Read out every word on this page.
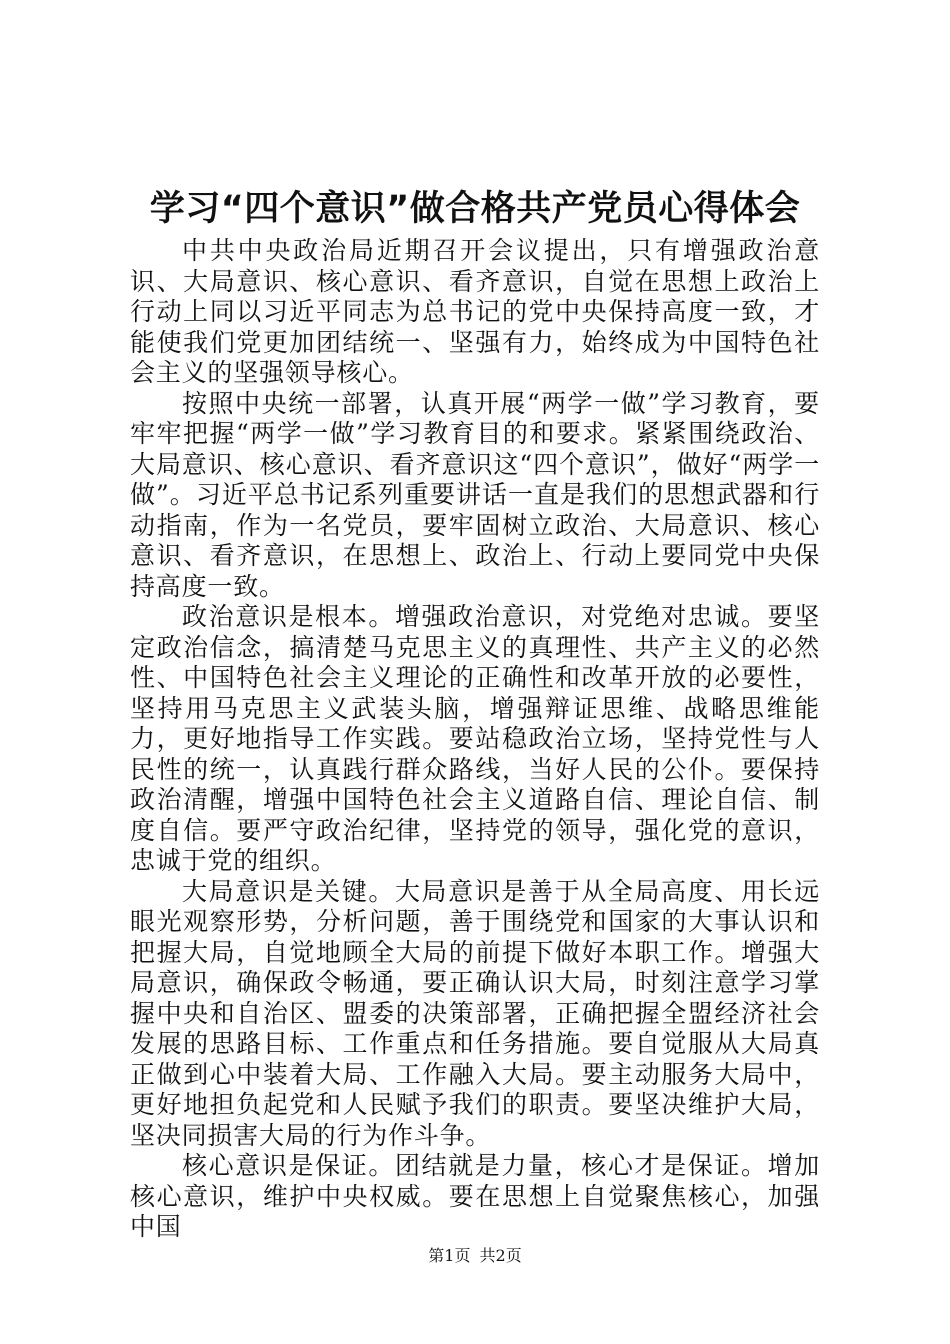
学习“四个意识”做合格共产党员心得体会

中共中央政治局近期召开会议提出，只有增强政治意识、大局意识、核心意识、看齐意识，自觉在思想上政治上行动上同以习近平同志为总书记的党中央保持高度一致，才能使我们党更加团结统一、坚强有力，始终成为中国特色社会主义的坚强领导核心。

按照中央统一部署，认真开展“两学一做”学习教育，要牢牢把握“两学一做”学习教育目的和要求。紧紧围绕政治、大局意识、核心意识、看齐意识这“四个意识”，做好“两学一做”。习近平总书记系列重要讲话一直是我们的思想武器和行动指南，作为一名党员，要牢固树立政治、大局意识、核心意识、看齐意识，在思想上、政治上、行动上要同党中央保持高度一致。

政治意识是根本。增强政治意识，对党绝对忠诚。要坚定政治信念，搞清楚马克思主义的真理性、共产主义的必然性、中国特色社会主义理论的正确性和改革开放的必要性，坚持用马克思主义武装头脑，增强辩证思维、战略思维能力，更好地指导工作实践。要站稳政治立场，坚持党性与人民性的统一，认真践行群众路线，当好人民的公仆。要保持政治清醒，增强中国特色社会主义道路自信、理论自信、制度自信。要严守政治纪律，坚持党的领导，强化党的意识，忠诚于党的组织。

大局意识是关键。大局意识是善于从全局高度、用长远眼光观察形势，分析问题，善于围绕党和国家的大事认识和把握大局，自觉地顾全大局的前提下做好本职工作。增强大局意识，确保政令畅通，要正确认识大局，时刻注意学习掌握中央和自治区、盟委的决策部署，正确把握全盟经济社会发展的思路目标、工作重点和任务措施。要自觉服从大局真正做到心中装着大局、工作融入大局。要主动服务大局中，更好地担负起党和人民赋予我们的职责。要坚决维护大局，坚决同损害大局的行为作斗争。

核心意识是保证。团结就是力量，核心才是保证。增加核心意识，维护中央权威。要在思想上自觉聚焦核心，加强中国

第1页 共2页
